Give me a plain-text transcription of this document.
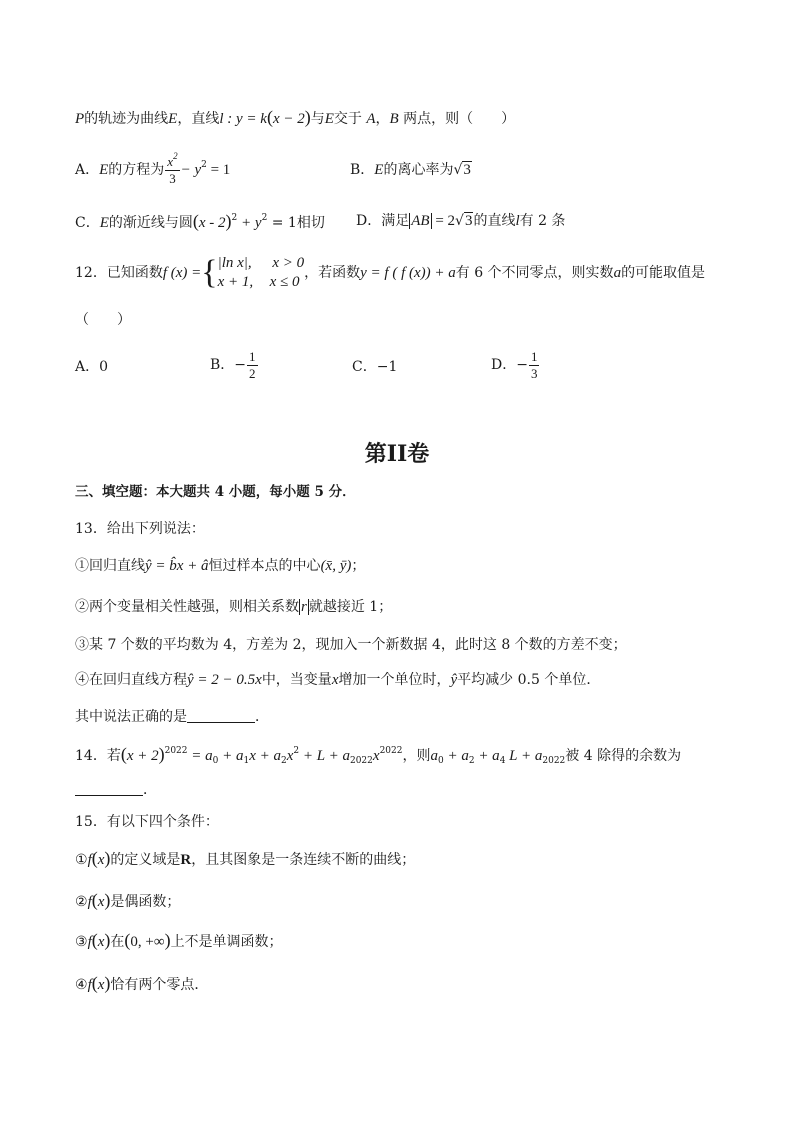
P的轨迹为曲线E，直线l : y = k(x − 2)与E交于 A，B 两点，则（　　）
A．E的方程为 $\frac{x^2}{3} - y^2 = 1$	B．E的离心率为√3
C．E的渐近线与圆$(x - 2)^2 + y^2 = 1$相切 D．满足 AB = 2√3的直线l有 2 条
12．已知函数f (x) ={ |ln x|, x > 0
x + 1, x ≤ 0
，若函数y = f ( f (x)) + a有 6 个不同零点，则实数a的可能取值是
（　　）
A．0	B．− $\frac{1}{2}$	C．−1	D．− $\frac{1}{3}$
第II卷
三、填空题：本大题共 4 小题，每小题 5 分．
13．给出下列说法：
①回归直线ŷ = b̂x + â恒过样本点的中心(x̄, ȳ)；
②两个变量相关性越强，则相关系数 r 就越接近 1；
③某 7 个数的平均数为 4，方差为 2，现加入一个新数据 4，此时这 8 个数的方差不变；
④在回归直线方程ŷ = 2 − 0.5x中，当变量x增加一个单位时，ŷ平均减少 0.5 个单位．
其中说法正确的是	．
14．若$(x + 2)^{2022} = a_0 + a_1x + a_2x^2 + L + a_{2022}x^{2022}$，则$a_0 + a_2 + a_4$ $L + a_{2022}$被 4 除得的余数为
．
15．有以下四个条件：
①f(x)的定义域是R，且其图象是一条连续不断的曲线；
②f(x)是偶函数；
③f(x)在(0, +∞)上不是单调函数；
④f(x)恰有两个零点．
